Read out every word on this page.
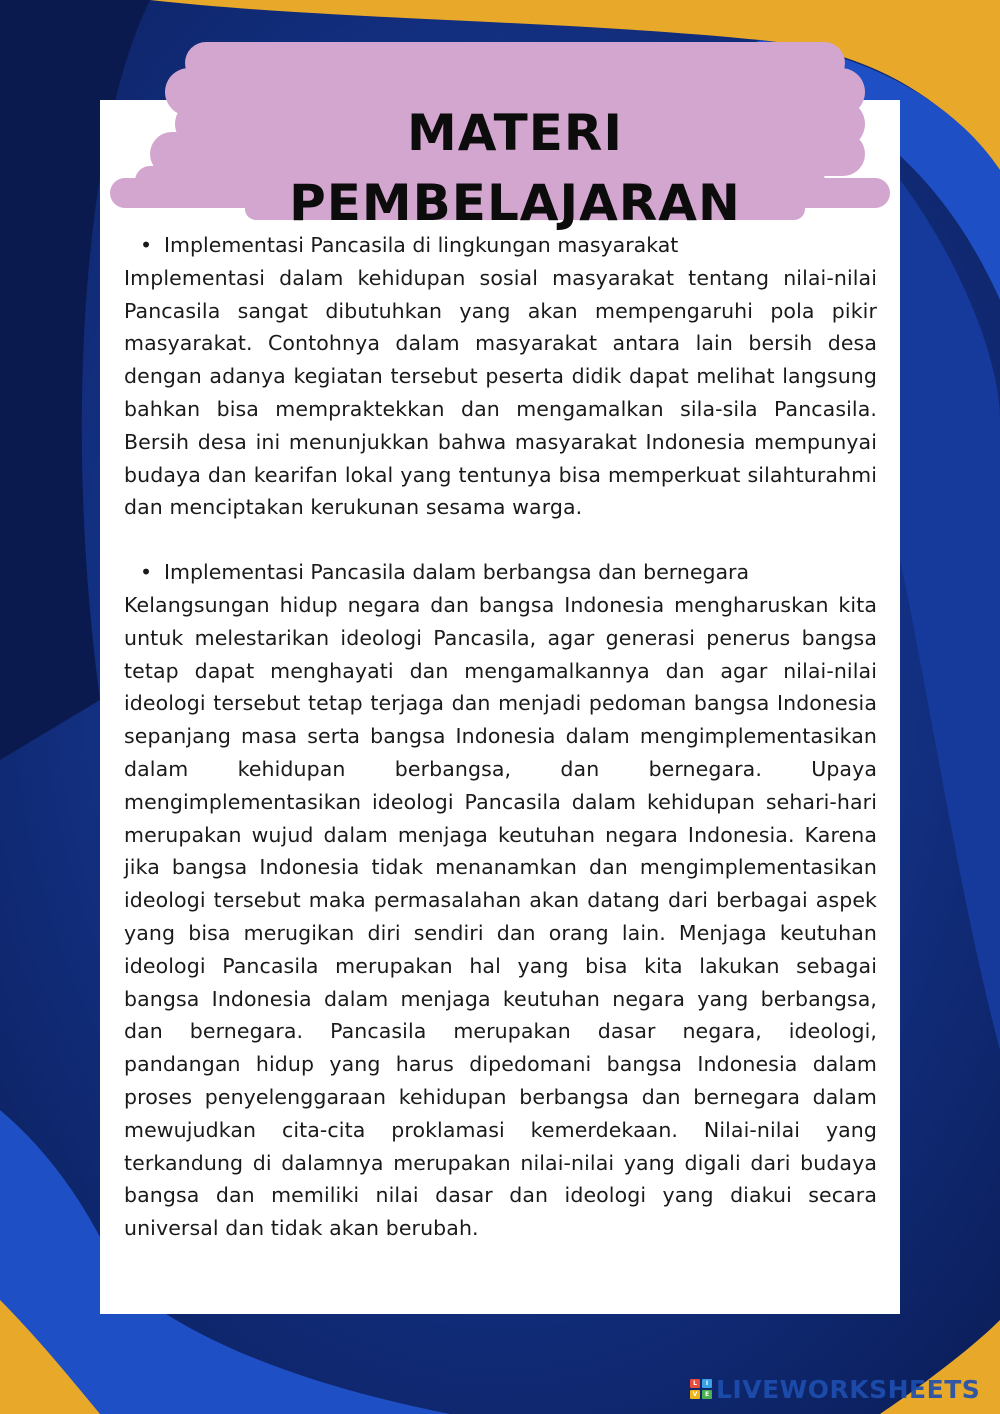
MATERI PEMBELAJARAN
• Implementasi Pancasila di lingkungan masyarakat

Implementasi dalam kehidupan sosial masyarakat tentang nilai-nilai Pancasila sangat dibutuhkan yang akan mempengaruhi pola pikir masyarakat. Contohnya dalam masyarakat antara lain bersih desa dengan adanya kegiatan tersebut peserta didik dapat melihat langsung bahkan bisa mempraktekkan dan mengamalkan sila-sila Pancasila. Bersih desa ini menunjukkan bahwa masyarakat Indonesia mempunyai budaya dan kearifan lokal yang tentunya bisa memperkuat silahturahmi dan menciptakan kerukunan sesama warga.

• Implementasi Pancasila dalam berbangsa dan bernegara

Kelangsungan hidup negara dan bangsa Indonesia mengharuskan kita untuk melestarikan ideologi Pancasila, agar generasi penerus bangsa tetap dapat menghayati dan mengamalkannya dan agar nilai-nilai ideologi tersebut tetap terjaga dan menjadi pedoman bangsa Indonesia sepanjang masa serta bangsa Indonesia dalam mengimplementasikan dalam kehidupan berbangsa, dan bernegara. Upaya mengimplementasikan ideologi Pancasila dalam kehidupan sehari-hari merupakan wujud dalam menjaga keutuhan negara Indonesia. Karena jika bangsa Indonesia tidak menanamkan dan mengimplementasikan ideologi tersebut maka permasalahan akan datang dari berbagai aspek yang bisa merugikan diri sendiri dan orang lain. Menjaga keutuhan ideologi Pancasila merupakan hal yang bisa kita lakukan sebagai bangsa Indonesia dalam menjaga keutuhan negara yang berbangsa, dan bernegara. Pancasila merupakan dasar negara, ideologi, pandangan hidup yang harus dipedomani bangsa Indonesia dalam proses penyelenggaraan kehidupan berbangsa dan bernegara dalam mewujudkan cita-cita proklamasi kemerdekaan. Nilai-nilai yang terkandung di dalamnya merupakan nilai-nilai yang digali dari budaya bangsa dan memiliki nilai dasar dan ideologi yang diakui secara universal dan tidak akan berubah.

L	I
V	E LIVEWORKSHEETS
